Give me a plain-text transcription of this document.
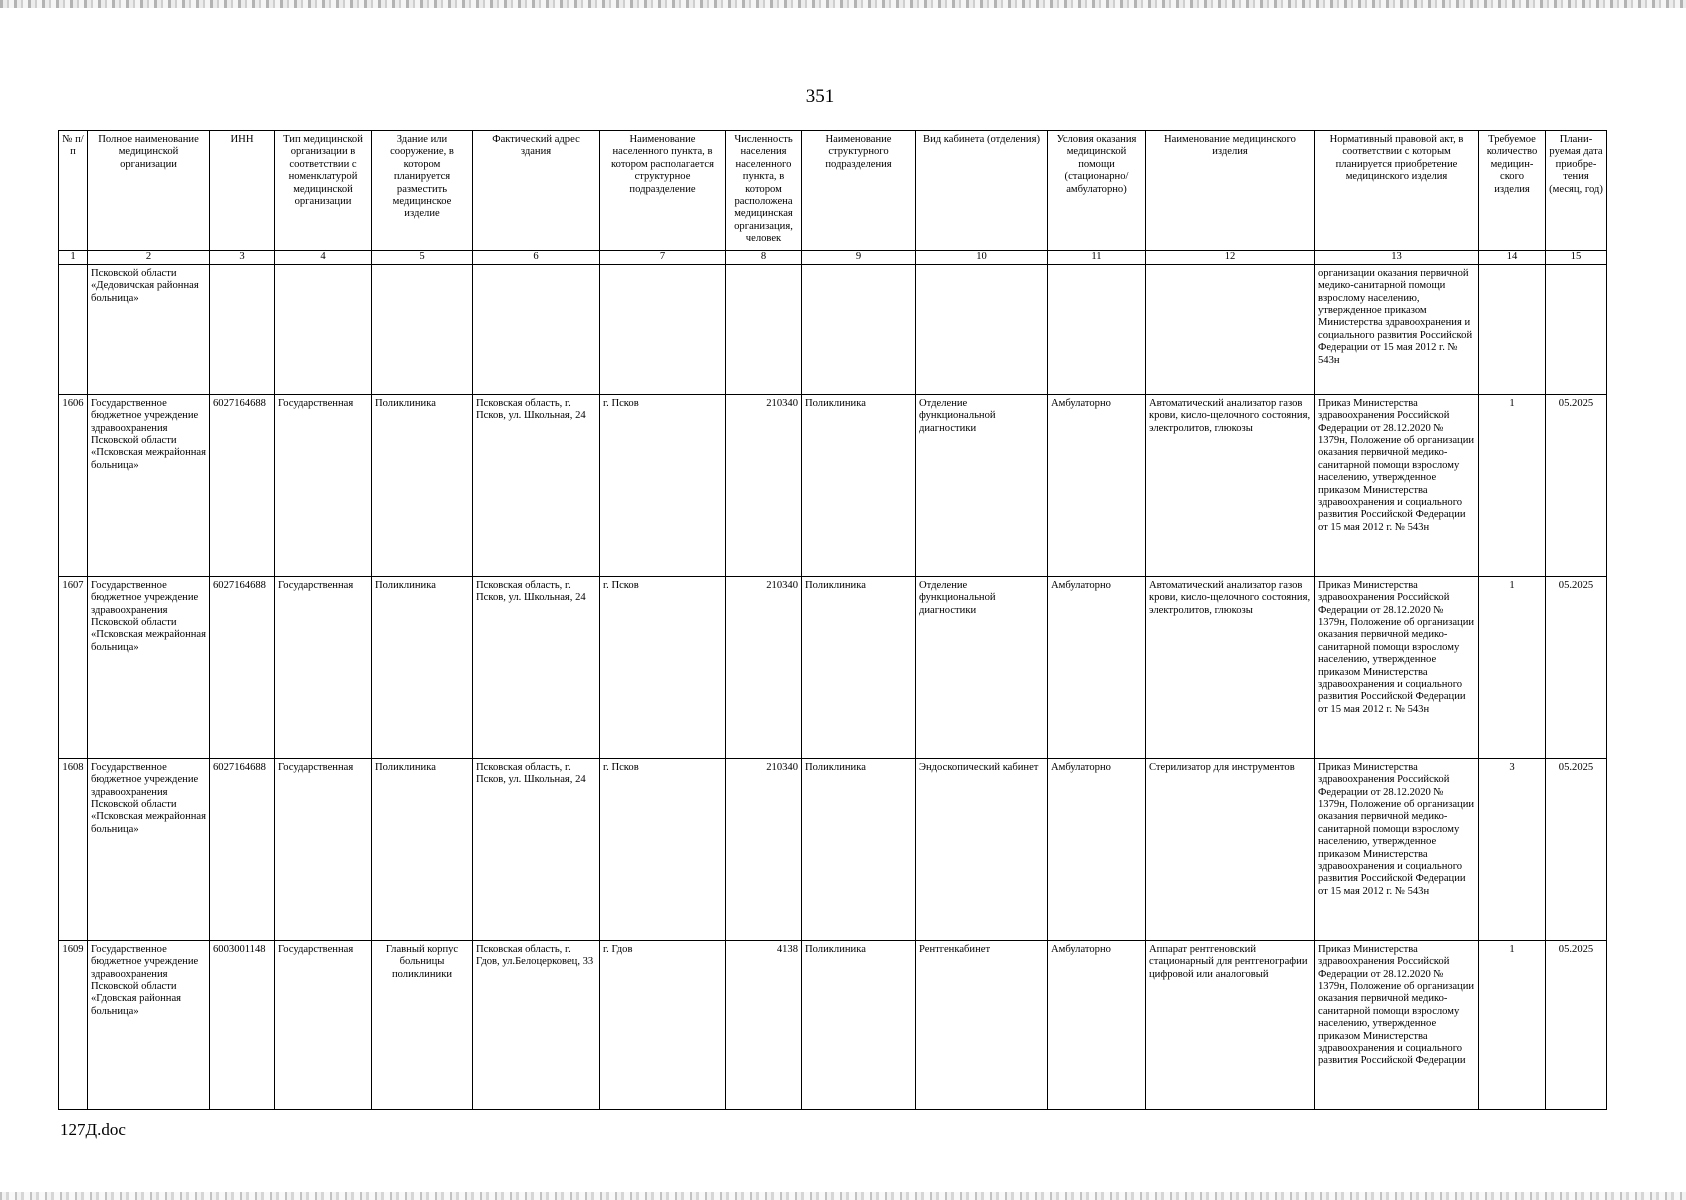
351
№ п/п	Полное наименование медицинской организации	ИНН	Тип медицинской организации в соответствии с номенклатурой медицинской организации	Здание или сооружение, в котором планируется разместить медицинское изделие	Фактический адрес здания	Наименование населенного пункта, в котором располагается структурное подразделение	Численность населения населенного пункта, в котором расположена медицинская организация, человек	Наименование структурного подразделения	Вид кабинета (отделения)	Условия оказания медицинской помощи (стационарно/ амбулаторно)	Наименование медицинского изделия	Нормативный правовой акт, в соответствии с которым планируется приобретение медицинского изделия	Требуемое количество медицин-ского изделия	Плани-руемая дата приобре-тения (месяц, год)
1	2	3	4	5	6	7	8	9	10	11	12	13	14	15
	Псковской области «Дедовичская районная больница»											организации оказания первичной медико-санитарной помощи взрослому населению, утвержденное приказом Министерства здравоохранения и социального развития Российской Федерации от 15 мая 2012 г. № 543н		
1606	Государственное бюджетное учреждение здравоохранения Псковской области «Псковская межрайонная больница»	6027164688	Государственная	Поликлиника	Псковская область, г. Псков, ул. Школьная, 24	г. Псков	210340	Поликлиника	Отделение функциональной диагностики	Амбулаторно	Автоматический анализатор газов крови, кисло-щелочного состояния, электролитов, глюкозы	Приказ Министерства здравоохранения Российской Федерации от 28.12.2020 № 1379н, Положение об организации оказания первичной медико-санитарной помощи взрослому населению, утвержденное приказом Министерства здравоохранения и социального развития Российской Федерации от 15 мая 2012 г. № 543н	1	05.2025
1607	Государственное бюджетное учреждение здравоохранения Псковской области «Псковская межрайонная больница»	6027164688	Государственная	Поликлиника	Псковская область, г. Псков, ул. Школьная, 24	г. Псков	210340	Поликлиника	Отделение функциональной диагностики	Амбулаторно	Автоматический анализатор газов крови, кисло-щелочного состояния, электролитов, глюкозы	Приказ Министерства здравоохранения Российской Федерации от 28.12.2020 № 1379н, Положение об организации оказания первичной медико-санитарной помощи взрослому населению, утвержденное приказом Министерства здравоохранения и социального развития Российской Федерации от 15 мая 2012 г. № 543н	1	05.2025
1608	Государственное бюджетное учреждение здравоохранения Псковской области «Псковская межрайонная больница»	6027164688	Государственная	Поликлиника	Псковская область, г. Псков, ул. Школьная, 24	г. Псков	210340	Поликлиника	Эндоскопический кабинет	Амбулаторно	Стерилизатор для инструментов	Приказ Министерства здравоохранения Российской Федерации от 28.12.2020 № 1379н, Положение об организации оказания первичной медико-санитарной помощи взрослому населению, утвержденное приказом Министерства здравоохранения и социального развития Российской Федерации от 15 мая 2012 г. № 543н	3	05.2025
1609	Государственное бюджетное учреждение здравоохранения Псковской области «Гдовская районная больница»	6003001148	Государственная	Главный корпус больницы поликлиники	Псковская область, г. Гдов, ул.Белоцерковец, 33	г. Гдов	4138	Поликлиника	Рентгенкабинет	Амбулаторно	Аппарат рентгеновский стационарный для рентгенографии цифровой или аналоговый	Приказ Министерства здравоохранения Российской Федерации от 28.12.2020 № 1379н, Положение об организации оказания первичной медико-санитарной помощи взрослому населению, утвержденное приказом Министерства здравоохранения и социального развития Российской Федерации	1	05.2025
127Д.doc
